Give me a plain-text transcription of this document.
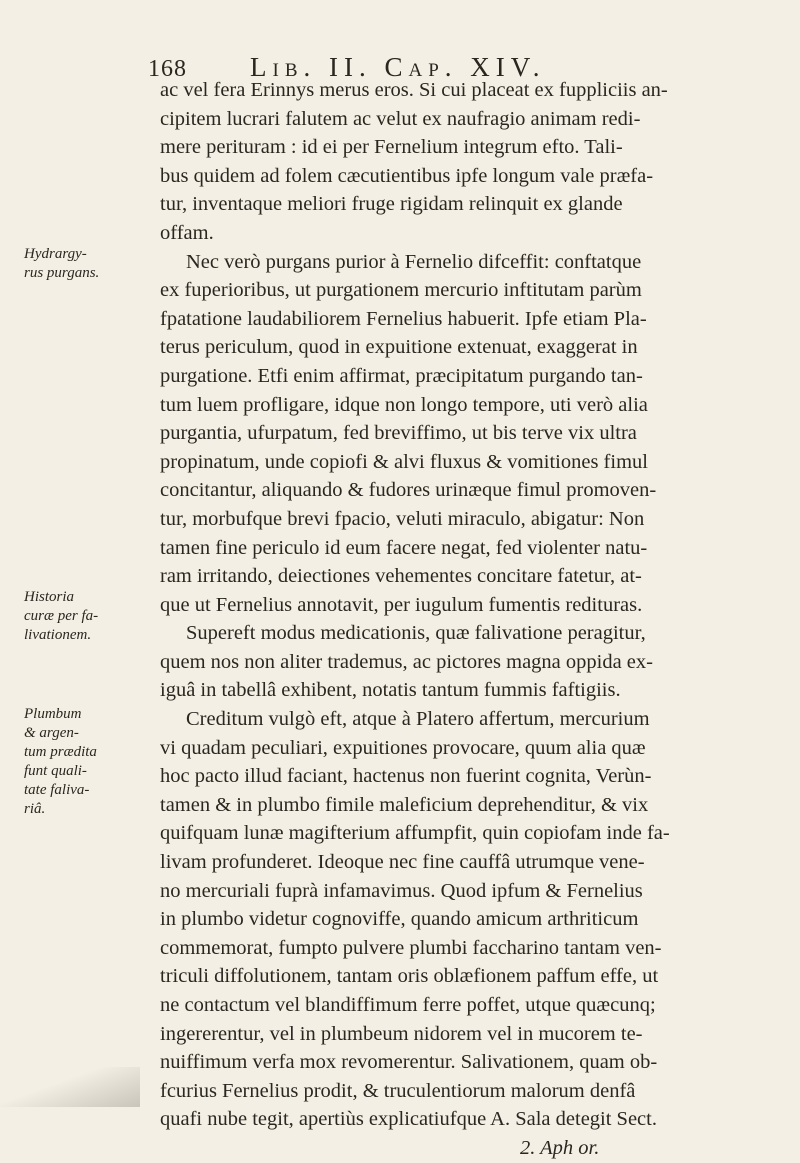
168 Lib. II. Cap. XIV.
ac vel fera Erinnys merus eros. Si cui placeat ex fuppliciis an-
cipitem lucrari falutem ac velut ex naufragio animam redi-
mere perituram : id ei per Fernelium integrum efto. Tali-
bus quidem ad folem cæcutientibus ipfe longum vale præfa-
tur, inventaque meliori fruge rigidam relinquit ex glande
offam.
Nec verò purgans purior à Fernelio difceffit: conftatque
ex fuperioribus, ut purgationem mercurio inftitutam parùm
fpatatione laudabiliorem Fernelius habuerit. Ipfe etiam Pla-
terus periculum, quod in expuitione extenuat, exaggerat in
purgatione. Etfi enim affirmat, præcipitatum purgando tan-
tum luem profligare, idque non longo tempore, uti verò alia
purgantia, ufurpatum, fed breviffimo, ut bis terve vix ultra
propinatum, unde copiofi & alvi fluxus & vomitiones fimul
concitantur, aliquando & fudores urinæque fimul promoven-
tur, morbufque brevi fpacio, veluti miraculo, abigatur: Non
tamen fine periculo id eum facere negat, fed violenter natu-
ram irritando, deiectiones vehementes concitare fatetur, at-
que ut Fernelius annotavit, per iugulum fumentis redituras.
Supereft modus medicationis, quæ falivatione peragitur,
quem nos non aliter trademus, ac pictores magna oppida ex-
iguâ in tabellâ exhibent, notatis tantum fummis faftigiis.
Creditum vulgò eft, atque à Platero affertum, mercurium
vi quadam peculiari, expuitiones provocare, quum alia quæ
hoc pacto illud faciant, hactenus non fuerint cognita, Verùn-
tamen & in plumbo fimile maleficium deprehenditur, & vix
quifquam lunæ magifterium affumpfit, quin copiofam inde fa-
livam profunderet. Ideoque nec fine cauffâ utrumque vene-
no mercuriali fuprà infamavimus. Quod ipfum & Fernelius
in plumbo videtur cognoviffe, quando amicum arthriticum
commemorat, fumpto pulvere plumbi faccharino tantam ven-
triculi diffolutionem, tantam oris oblæfionem paffum effe, ut
ne contactum vel blandiffimum ferre poffet, utque quæcunq;
ingererentur, vel in plumbeum nidorem vel in mucorem te-
nuiffimum verfa mox revomerentur. Salivationem, quam ob-
fcurius Fernelius prodit, & truculentiorum malorum denfâ
quafi nube tegit, apertiùs explicatiufque A. Sala detegit Sect.
2. Aph or.
Hydrargy-
rus purgans.
Historia
curæ per fa-
livationem.
Plumbum
& argen-
tum prædita
funt quali-
tate faliva-
riâ.
